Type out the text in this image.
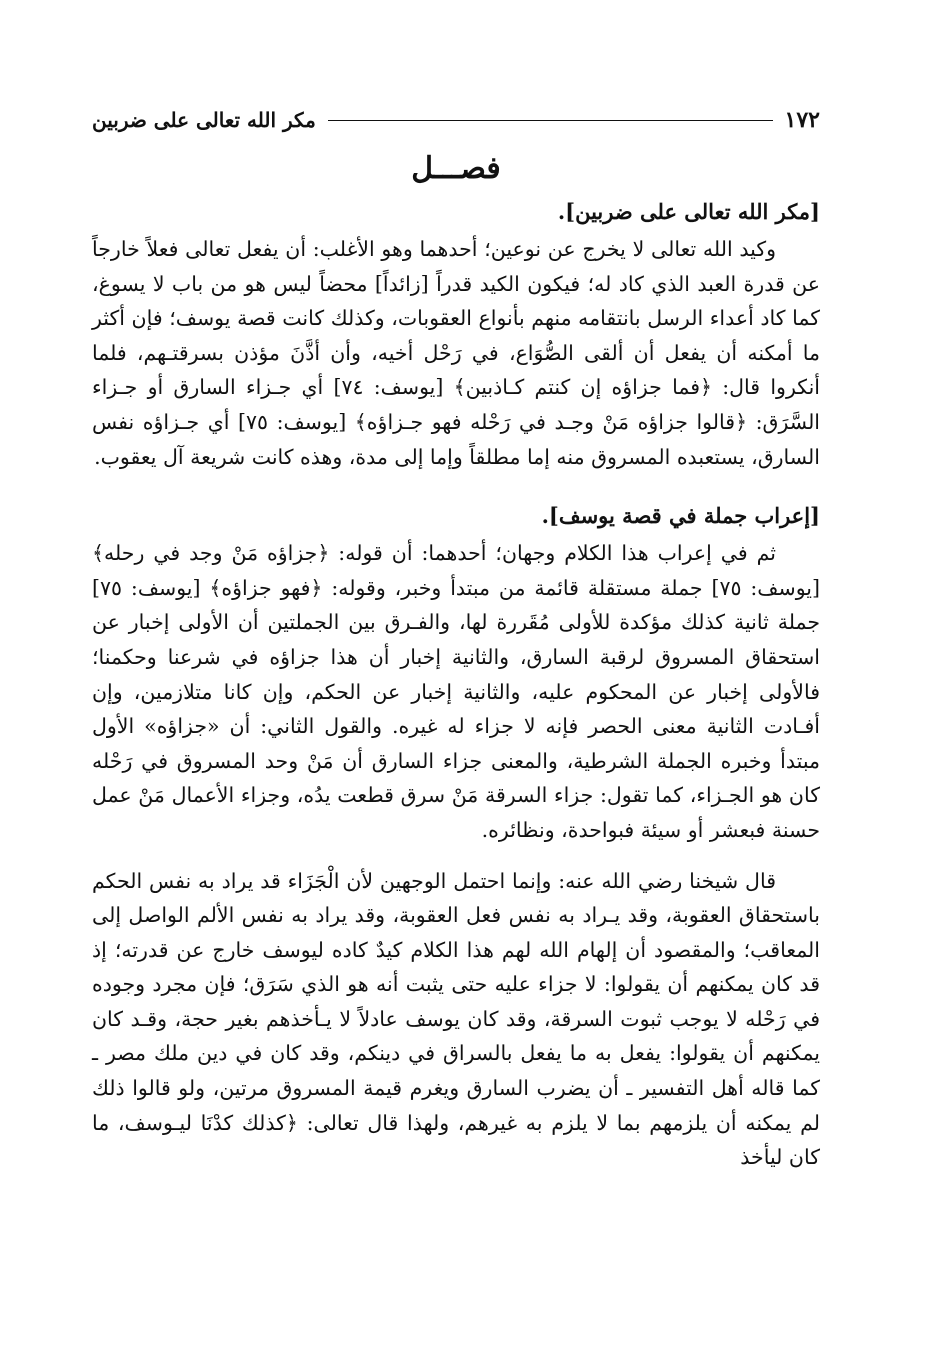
١٧٢
مكر الله تعالى على ضربين
فصـــل
[مكر الله تعالى على ضربين].

وكيد الله تعالى لا يخرج عن نوعين؛ أحدهما وهو الأغلب: أن يفعل تعالى فعلاً خارجاً عن قدرة العبد الذي كاد له؛ فيكون الكيد قدراً [زائداً] محضاً ليس هو من باب لا يسوغ، كما كاد أعداء الرسل بانتقامه منهم بأنواع العقوبات، وكذلك كانت قصة يوسف؛ فإن أكثر ما أمكنه أن يفعل أن ألقى الصُّوَاع، في رَحْل أخيه، وأن أذَّنَ مؤذن بسرقتـهم، فلما أنكروا قال: ﴿فما جزاؤه إن كنتم كـاذبين﴾ [يوسف: ٧٤] أي جـزاء السارق أو جـزاء السَّرَق: ﴿قالوا جزاؤه مَنْ وجـد في رَحْله فهو جـزاؤه﴾ [يوسف: ٧٥] أي جـزاؤه نفس السارق، يستعبده المسروق منه إما مطلقاً وإما إلى مدة، وهذه كانت شريعة آل يعقوب.

[إعراب جملة في قصة يوسف].

ثم في إعراب هذا الكلام وجهان؛ أحدهما: أن قوله: ﴿جزاؤه مَنْ وجد في رحله﴾ [يوسف: ٧٥] جملة مستقلة قائمة من مبتدأ وخبر، وقوله: ﴿فهو جزاؤه﴾ [يوسف: ٧٥] جملة ثانية كذلك مؤكدة للأولى مُقَررة لها، والفـرق بين الجملتين أن الأولى إخبار عن استحقاق المسروق لرقبة السارق، والثانية إخبار أن هذا جزاؤه في شرعنا وحكمنا؛ فالأولى إخبار عن المحكوم عليه، والثانية إخبار عن الحكم، وإن كانا متلازمين، وإن أفـادت الثانية معنى الحصر فإنه لا جزاء له غيره. والقول الثاني: أن «جزاؤه» الأول مبتدأ وخبره الجملة الشرطية، والمعنى جزاء السارق أن مَنْ وحد المسروق في رَحْله كان هو الجـزاء، كما تقول: جزاء السرقة مَنْ سرق قطعت يدُه، وجزاء الأعمال مَنْ عمل حسنة فبعشر أو سيئة فبواحدة، ونظائره.

قال شيخنا رضي الله عنه: وإنما احتمل الوجهين لأن الْجَزَاء قد يراد به نفس الحكم باستحقاق العقوبة، وقد يـراد به نفس فعل العقوبة، وقد يراد به نفس الألم الواصل إلى المعاقب؛ والمقصود أن إلهام الله لهم هذا الكلام كيدٌ كاده ليوسف خارج عن قدرته؛ إذ قد كان يمكنهم أن يقولوا: لا جزاء عليه حتى يثبت أنه هو الذي سَرَق؛ فإن مجرد وجوده في رَحْله لا يوجب ثبوت السرقة، وقد كان يوسف عادلاً لا يـأخذهم بغير حجة، وقـد كان يمكنهم أن يقولوا: يفعل به ما يفعل بالسراق في دينكم، وقد كان في دين ملك مصر ـ كما قاله أهل التفسير ـ أن يضرب السارق ويغرم قيمة المسروق مرتين، ولو قالوا ذلك لم يمكنه أن يلزمهم بما لا يلزم به غيرهم، ولهذا قال تعالى: ﴿كذلك كدْنَا ليـوسف، ما كان ليأخذ
